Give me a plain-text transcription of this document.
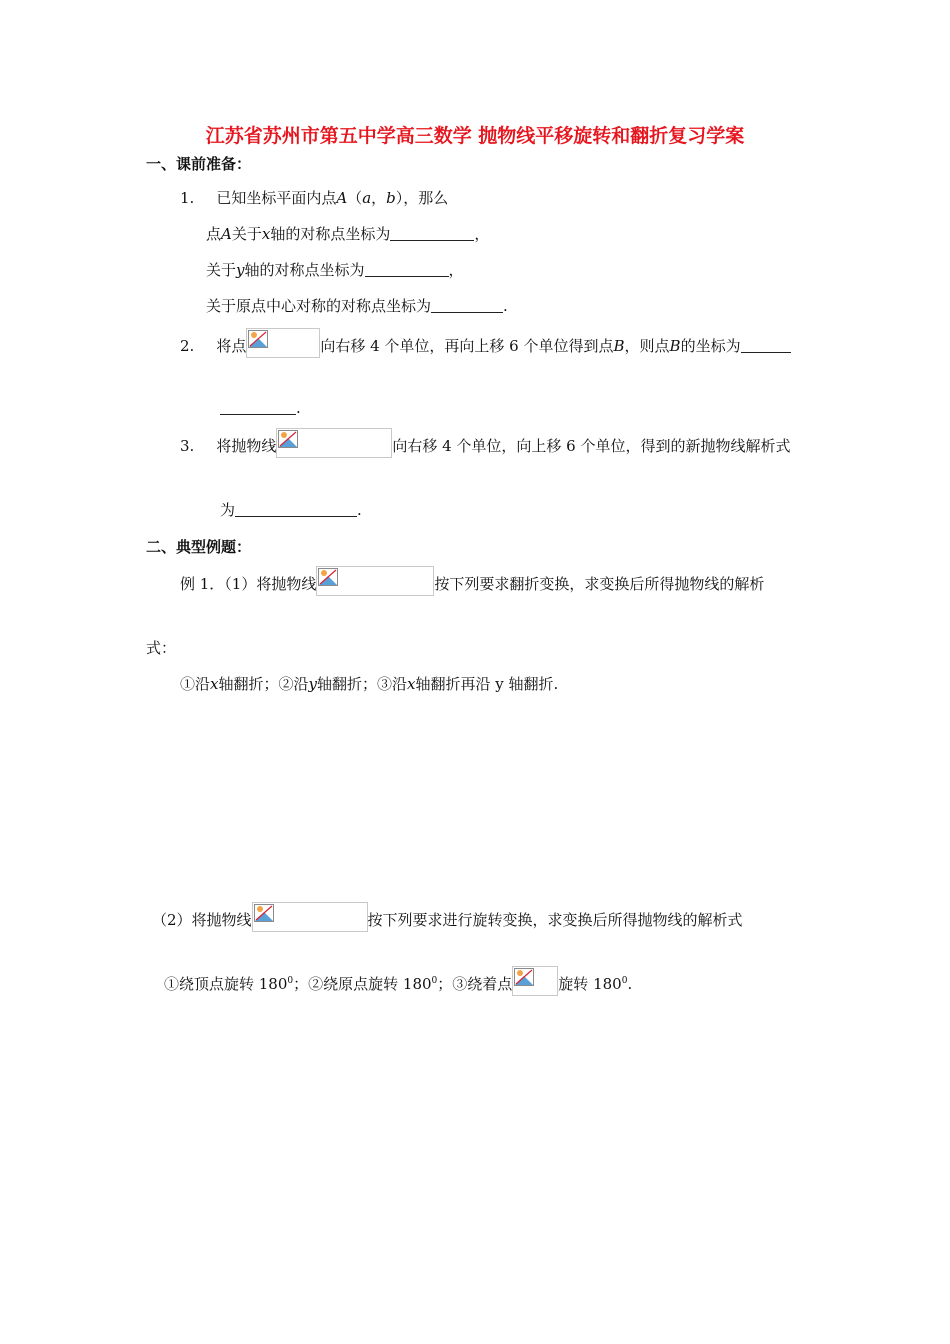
江苏省苏州市第五中学高三数学 抛物线平移旋转和翻折复习学案
一、课前准备：
1. 已知坐标平面内点A（a，b），那么
点A关于x轴的对称点坐标为	，
关于y轴的对称点坐标为	，
关于原点中心对称的对称点坐标为	.
2. 将点	向右移 4 个单位，再向上移 6 个单位得到点B，则点B的坐标为
.
3. 将抛物线	向右移 4 个单位，向上移 6 个单位，得到的新抛物线解析式
为	.
二、典型例题：
例 1．（1）将抛物线	按下列要求翻折变换，求变换后所得抛物线的解析
式：
①沿x轴翻折；②沿y轴翻折；③沿x轴翻折再沿 y 轴翻折.
（2）将抛物线	按下列要求进行旋转变换，求变换后所得抛物线的解析式
①绕顶点旋转 $180^0$；②绕原点旋转 $180^0$；③绕着点	旋转 $180^0$.
